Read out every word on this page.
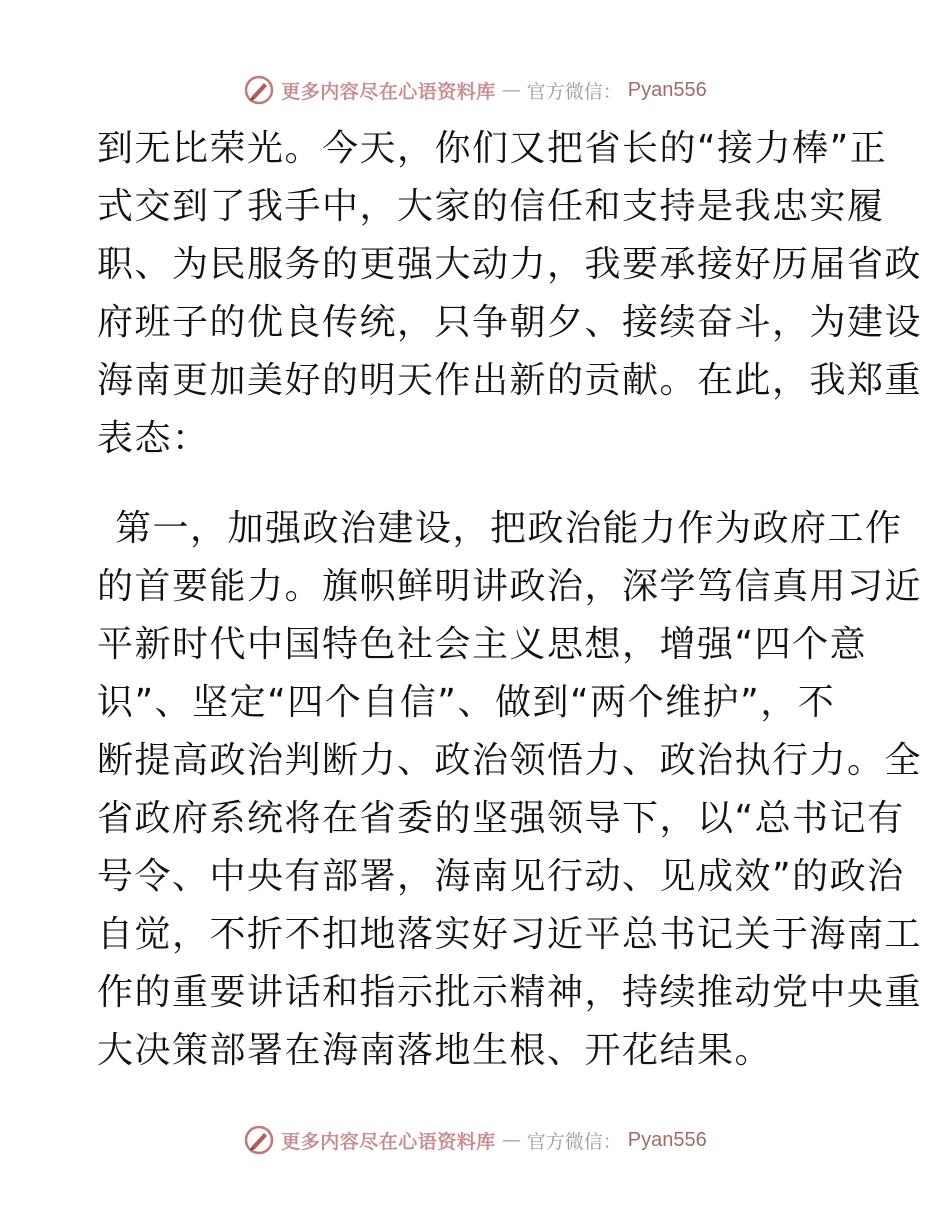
更多内容尽在心语资料库 — 官方微信： Pyan556
到无比荣光。今天，你们又把省长的“接力棒”正
式交到了我手中，大家的信任和支持是我忠实履
职、为民服务的更强大动力，我要承接好历届省政
府班子的优良传统，只争朝夕、接续奋斗，为建设
海南更加美好的明天作出新的贡献。在此，我郑重
表态：
第一，加强政治建设，把政治能力作为政府工作
的首要能力。旗帜鲜明讲政治，深学笃信真用习近
平新时代中国特色社会主义思想，增强“四个意
识”、坚定“四个自信”、做到“两个维护”，不
断提高政治判断力、政治领悟力、政治执行力。全
省政府系统将在省委的坚强领导下，以“总书记有
号令、中央有部署，海南见行动、见成效”的政治
自觉，不折不扣地落实好习近平总书记关于海南工
作的重要讲话和指示批示精神，持续推动党中央重
大决策部署在海南落地生根、开花结果。
更多内容尽在心语资料库 — 官方微信： Pyan556
